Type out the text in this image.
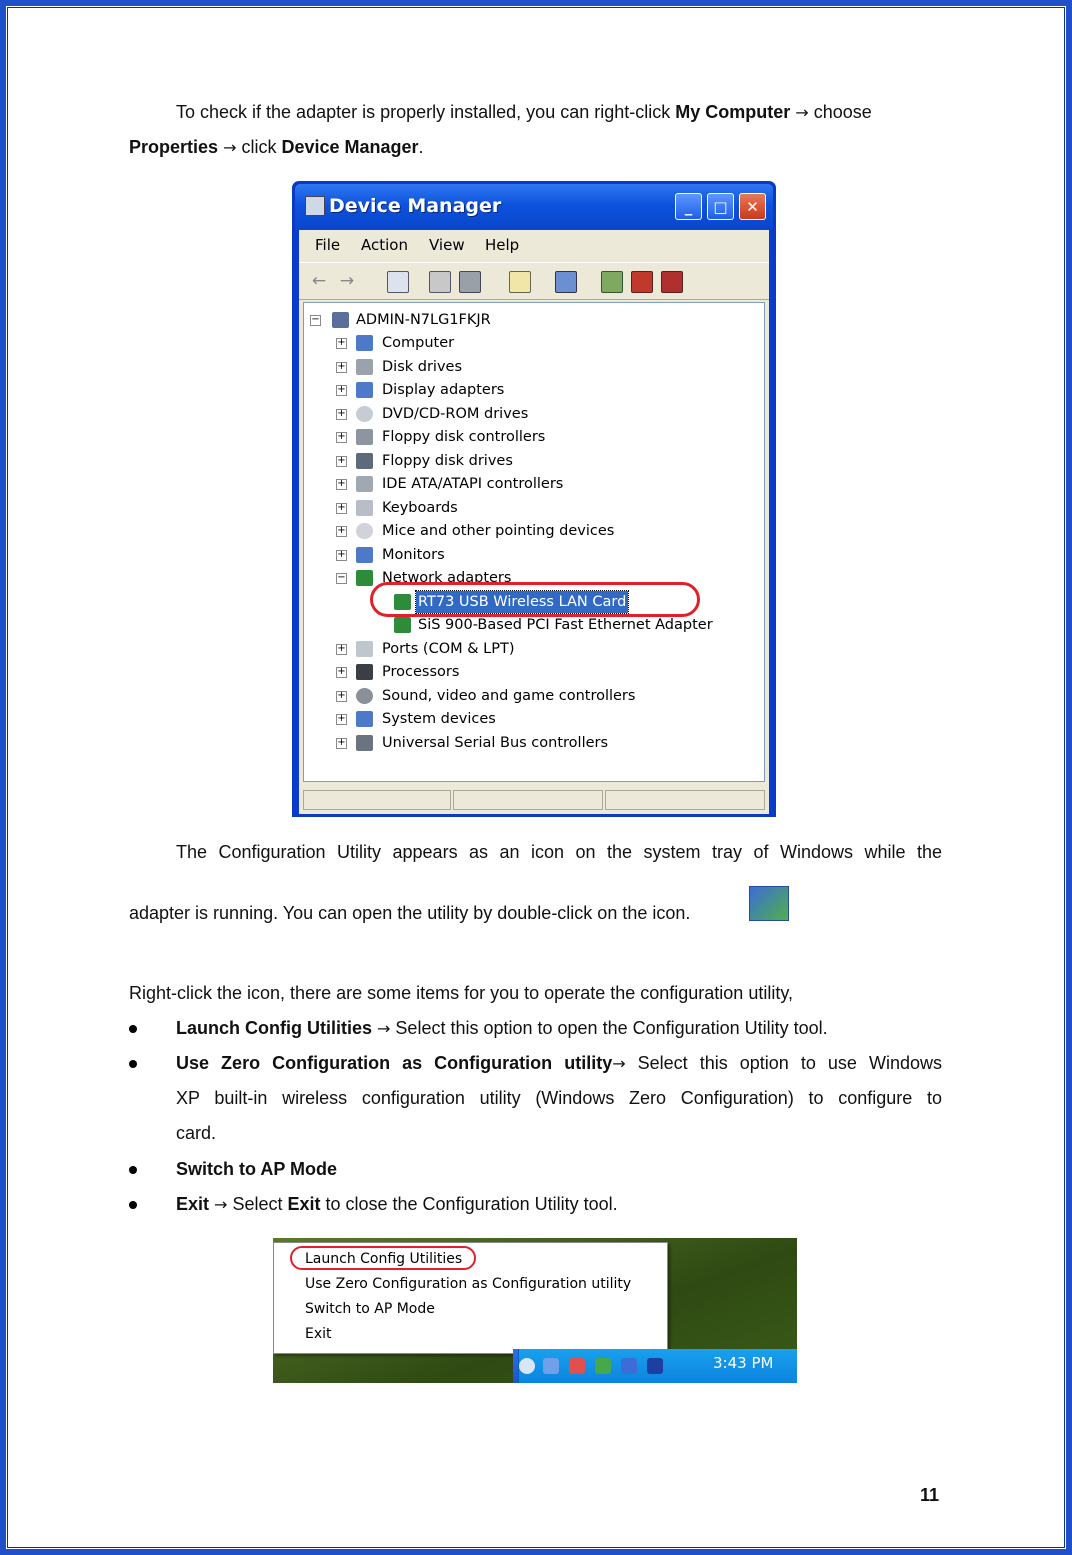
To check if the adapter is properly installed, you can right-click My Computer → choose
Properties → click Device Manager.
Device Manager	_	□	✕
File Action View Help
← →
−	ADMIN-N7LG1FKJR
+	Computer
+	Disk drives
+	Display adapters
+	DVD/CD-ROM drives
+	Floppy disk controllers
+	Floppy disk drives
+	IDE ATA/ATAPI controllers
+	Keyboards
+	Mice and other pointing devices
+	Monitors
−	Network adapters
RT73 USB Wireless LAN Card
SiS 900-Based PCI Fast Ethernet Adapter
+	Ports (COM & LPT)
+	Processors
+	Sound, video and game controllers
+	System devices
+	Universal Serial Bus controllers
The Configuration Utility appears as an icon on the system tray of Windows while the
adapter is running. You can open the utility by double-click on the icon.
Right-click the icon, there are some items for you to operate the configuration utility,
Launch Config Utilities → Select this option to open the Configuration Utility tool.
Use Zero Configuration as Configuration utility→ Select this option to use Windows
XP built-in wireless configuration utility (Windows Zero Configuration) to configure to
card.
Switch to AP Mode
Exit → Select Exit to close the Configuration Utility tool.
Launch Config Utilities
Use Zero Configuration as Configuration utility
Switch to AP Mode
Exit
3:43 PM
11
